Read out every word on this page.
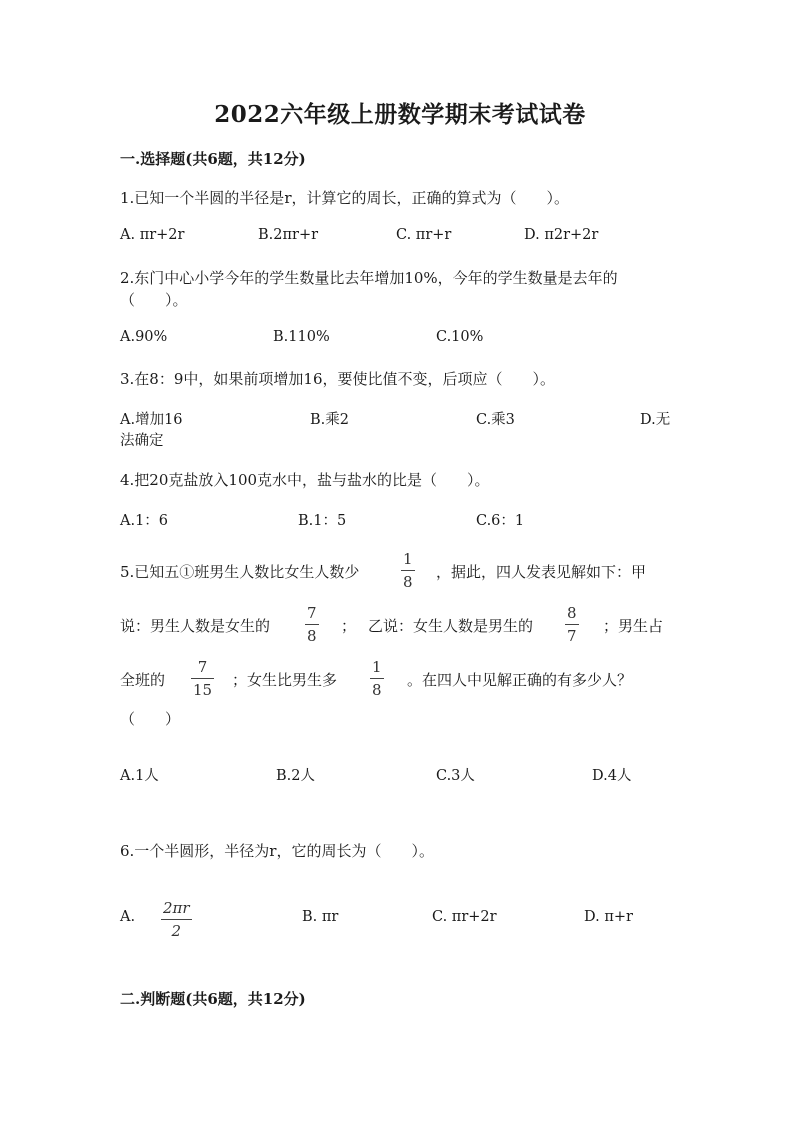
2022六年级上册数学期末考试试卷
一.选择题(共6题，共12分)
1.已知一个半圆的半径是r，计算它的周长，正确的算式为（　　）。
A. πr+2r	B.2πr+r	C. πr+r	D. π2r+2r
2.东门中心小学今年的学生数量比去年增加10%，今年的学生数量是去年的
（　　）。
A.90%	B.110%	C.10%
3.在8：9中，如果前项增加16，要使比值不变，后项应（　　）。
A.增加16	B.乘2	C.乘3	D.无
法确定
4.把20克盐放入100克水中，盐与盐水的比是（　　）。
A.1：6	B.1：5	C.6：1
5.已知五①班男生人数比女生人数少
1
8
，据此，四人发表见解如下：甲
说：男生人数是女生的
7
8
； 乙说：女生人数是男生的
8
7
；男生占
全班的
7
15
；女生比男生多
1
8
。在四人中见解正确的有多少人？
（　　）
A.1人	B.2人	C.3人	D.4人
6.一个半圆形，半径为r，它的周长为（　　）。
A. 2πr
2
B. πr	C. πr+2r	D. π+r
二.判断题(共6题，共12分)
